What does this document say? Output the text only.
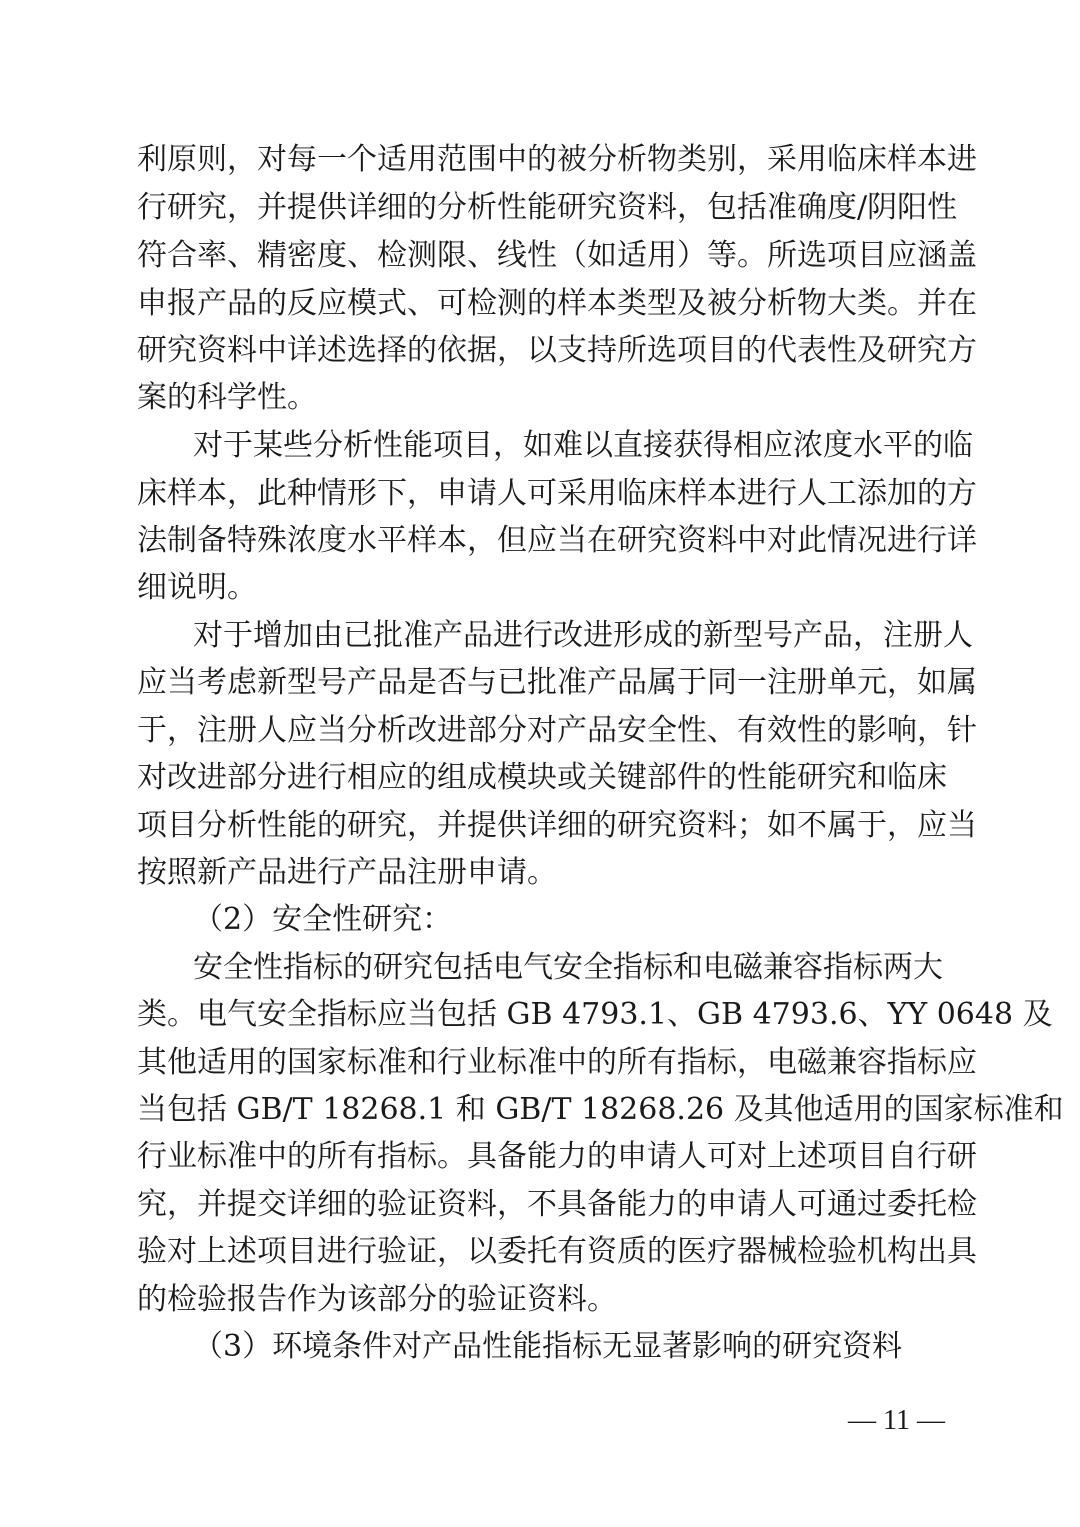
利原则，对每一个适用范围中的被分析物类别，采用临床样本进
行研究，并提供详细的分析性能研究资料，包括准确度/阴阳性
符合率、精密度、检测限、线性（如适用）等。所选项目应涵盖
申报产品的反应模式、可检测的样本类型及被分析物大类。并在
研究资料中详述选择的依据，以支持所选项目的代表性及研究方
案的科学性。
对于某些分析性能项目，如难以直接获得相应浓度水平的临
床样本，此种情形下，申请人可采用临床样本进行人工添加的方
法制备特殊浓度水平样本，但应当在研究资料中对此情况进行详
细说明。
对于增加由已批准产品进行改进形成的新型号产品，注册人
应当考虑新型号产品是否与已批准产品属于同一注册单元，如属
于，注册人应当分析改进部分对产品安全性、有效性的影响，针
对改进部分进行相应的组成模块或关键部件的性能研究和临床
项目分析性能的研究，并提供详细的研究资料；如不属于，应当
按照新产品进行产品注册申请。
（2）安全性研究：
安全性指标的研究包括电气安全指标和电磁兼容指标两大
类。电气安全指标应当包括 GB 4793.1、GB 4793.6、YY 0648 及
其他适用的国家标准和行业标准中的所有指标，电磁兼容指标应
当包括 GB/T 18268.1 和 GB/T 18268.26 及其他适用的国家标准和
行业标准中的所有指标。具备能力的申请人可对上述项目自行研
究，并提交详细的验证资料，不具备能力的申请人可通过委托检
验对上述项目进行验证，以委托有资质的医疗器械检验机构出具
的检验报告作为该部分的验证资料。
（3）环境条件对产品性能指标无显著影响的研究资料
— 11 —
